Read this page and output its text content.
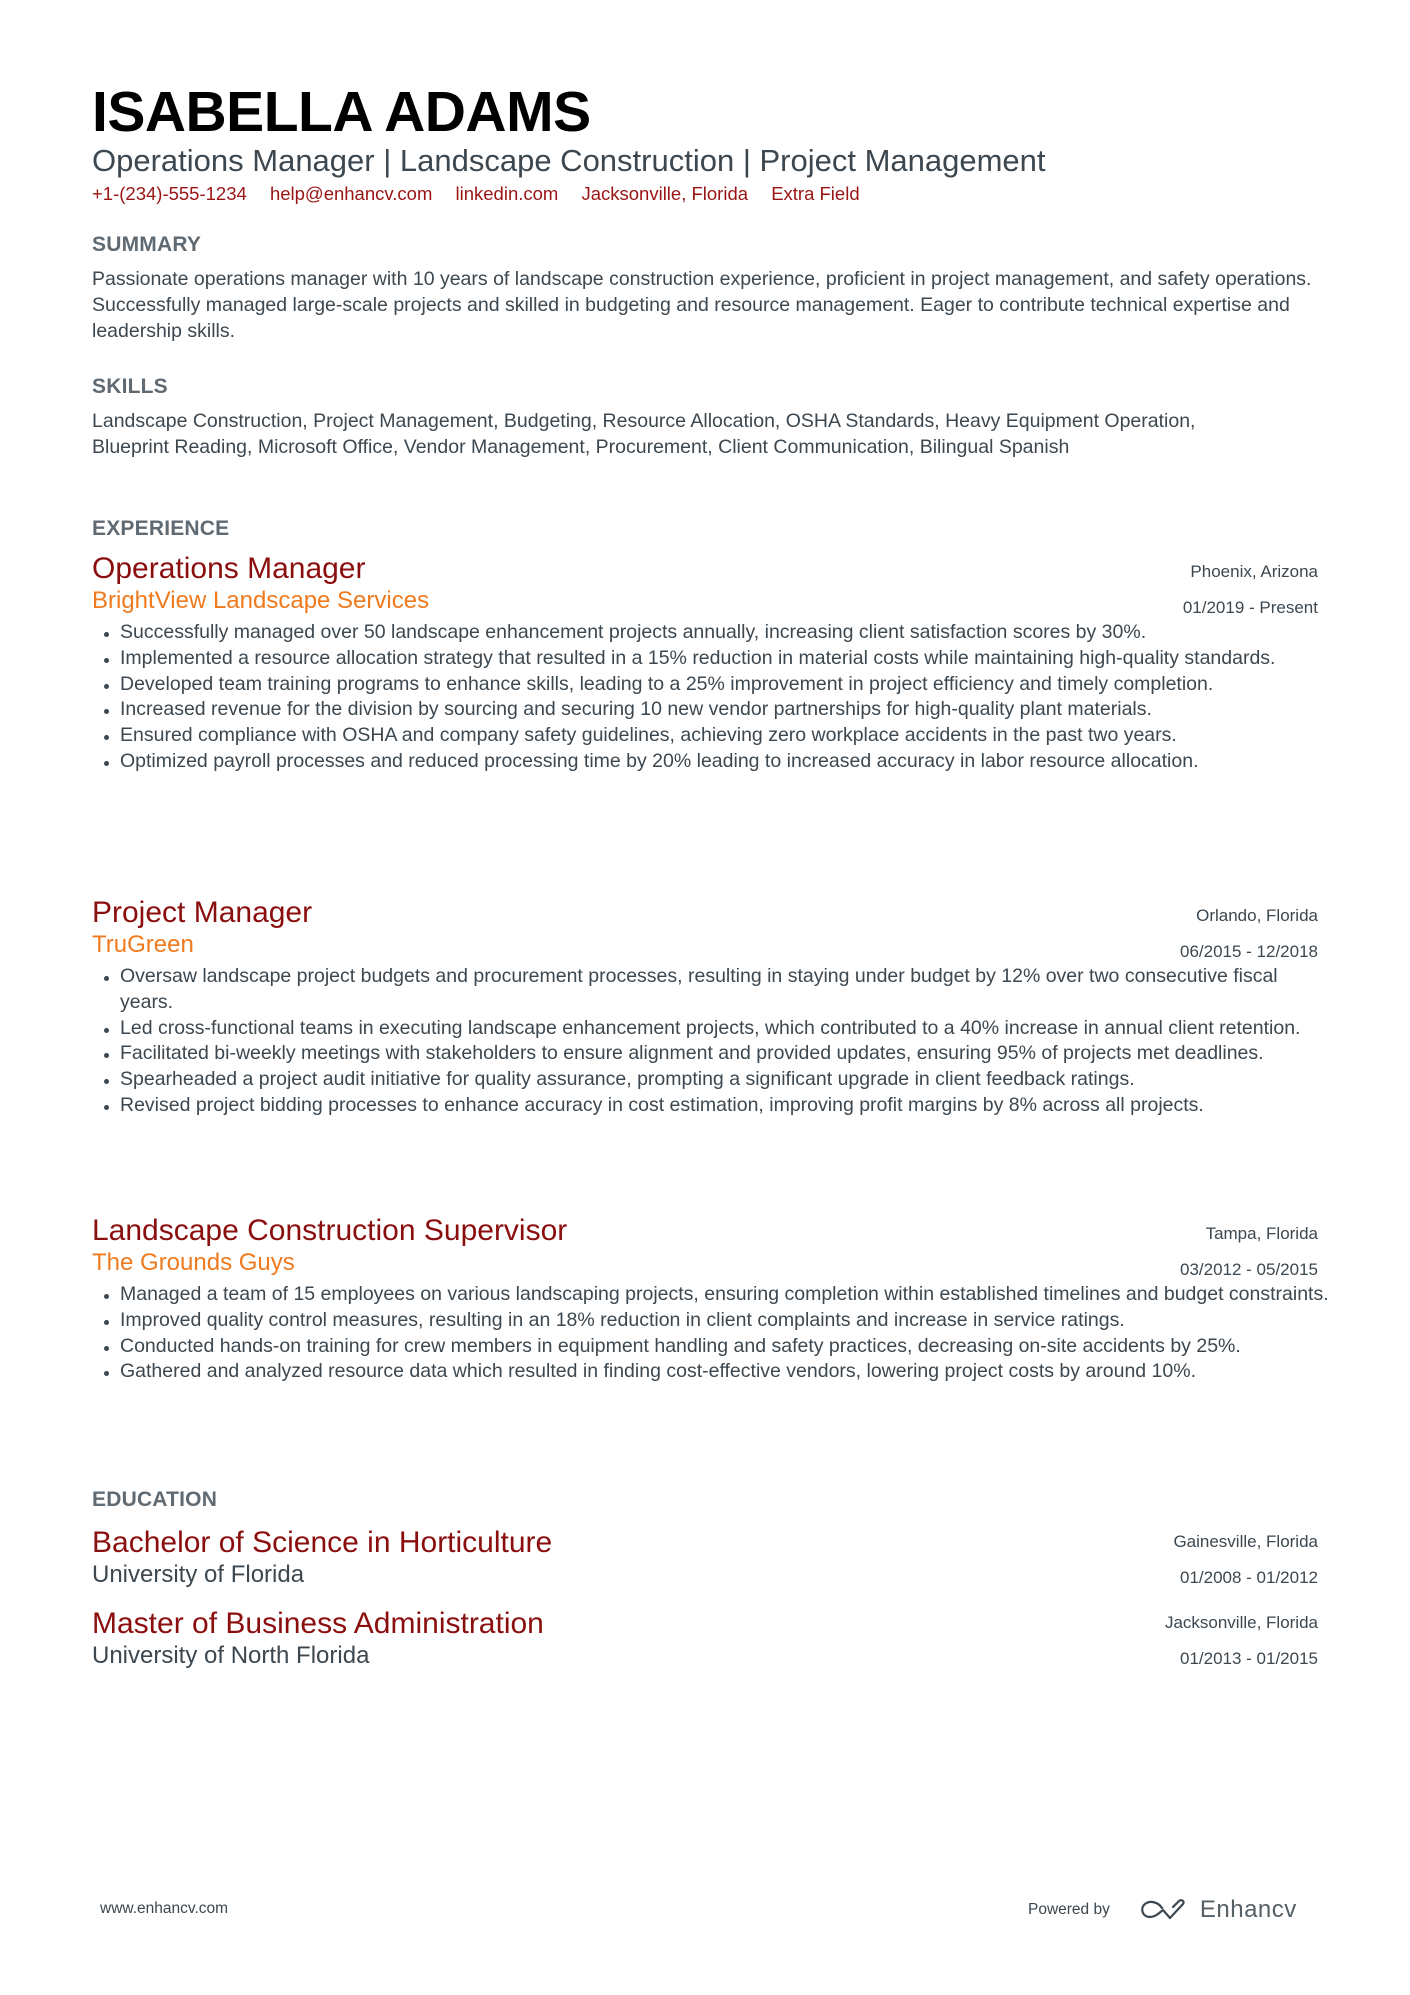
ISABELLA ADAMS
Operations Manager | Landscape Construction | Project Management
+1-(234)-555-1234 help@enhancv.com linkedin.com Jacksonville, Florida Extra Field
SUMMARY
Passionate operations manager with 10 years of landscape construction experience, proficient in project management, and safety operations. Successfully managed large-scale projects and skilled in budgeting and resource management. Eager to contribute technical expertise and leadership skills.
SKILLS
Landscape Construction, Project Management, Budgeting, Resource Allocation, OSHA Standards, Heavy Equipment Operation, Blueprint Reading, Microsoft Office, Vendor Management, Procurement, Client Communication, Bilingual Spanish
EXPERIENCE
Operations Manager
BrightView Landscape Services
Phoenix, Arizona
01/2019 - Present
Successfully managed over 50 landscape enhancement projects annually, increasing client satisfaction scores by 30%.
Implemented a resource allocation strategy that resulted in a 15% reduction in material costs while maintaining high-quality standards.
Developed team training programs to enhance skills, leading to a 25% improvement in project efficiency and timely completion.
Increased revenue for the division by sourcing and securing 10 new vendor partnerships for high-quality plant materials.
Ensured compliance with OSHA and company safety guidelines, achieving zero workplace accidents in the past two years.
Optimized payroll processes and reduced processing time by 20% leading to increased accuracy in labor resource allocation.
Project Manager
TruGreen
Orlando, Florida
06/2015 - 12/2018
Oversaw landscape project budgets and procurement processes, resulting in staying under budget by 12% over two consecutive fiscal years.
Led cross-functional teams in executing landscape enhancement projects, which contributed to a 40% increase in annual client retention.
Facilitated bi-weekly meetings with stakeholders to ensure alignment and provided updates, ensuring 95% of projects met deadlines.
Spearheaded a project audit initiative for quality assurance, prompting a significant upgrade in client feedback ratings.
Revised project bidding processes to enhance accuracy in cost estimation, improving profit margins by 8% across all projects.
Landscape Construction Supervisor
The Grounds Guys
Tampa, Florida
03/2012 - 05/2015
Managed a team of 15 employees on various landscaping projects, ensuring completion within established timelines and budget constraints.
Improved quality control measures, resulting in an 18% reduction in client complaints and increase in service ratings.
Conducted hands-on training for crew members in equipment handling and safety practices, decreasing on-site accidents by 25%.
Gathered and analyzed resource data which resulted in finding cost-effective vendors, lowering project costs by around 10%.
EDUCATION
Bachelor of Science in Horticulture
University of Florida
Gainesville, Florida
01/2008 - 01/2012
Master of Business Administration
University of North Florida
Jacksonville, Florida
01/2013 - 01/2015
www.enhancv.com	Powered by	Enhancv
